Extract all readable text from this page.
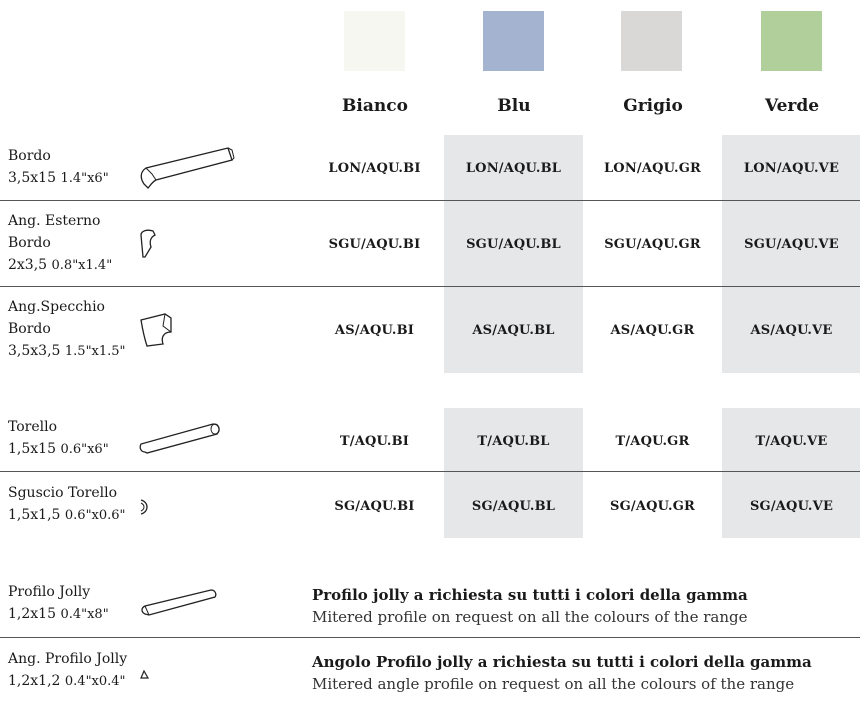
Bianco	Blu	Grigio	Verde
Bordo
3,5x15 1.4"x6"
LON/AQU.BI	LON/AQU.BL	LON/AQU.GR	LON/AQU.VE
Ang. Esterno
Bordo
2x3,5 0.8"x1.4"
SGU/AQU.BI	SGU/AQU.BL	SGU/AQU.GR	SGU/AQU.VE
Ang.Specchio
Bordo
3,5x3,5 1.5"x1.5"
AS/AQU.BI	AS/AQU.BL	AS/AQU.GR	AS/AQU.VE
Torello
1,5x15 0.6"x6"
T/AQU.BI	T/AQU.BL	T/AQU.GR	T/AQU.VE
Sguscio Torello
1,5x1,5 0.6"x0.6"
SG/AQU.BI	SG/AQU.BL	SG/AQU.GR	SG/AQU.VE
Profilo Jolly
1,2x15 0.4"x8"
Profilo jolly a richiesta su tutti i colori della gamma
Mitered profile on request on all the colours of the range
Ang. Profilo Jolly
1,2x1,2 0.4"x0.4"
Angolo Profilo jolly a richiesta su tutti i colori della gamma
Mitered angle profile on request on all the colours of the range
